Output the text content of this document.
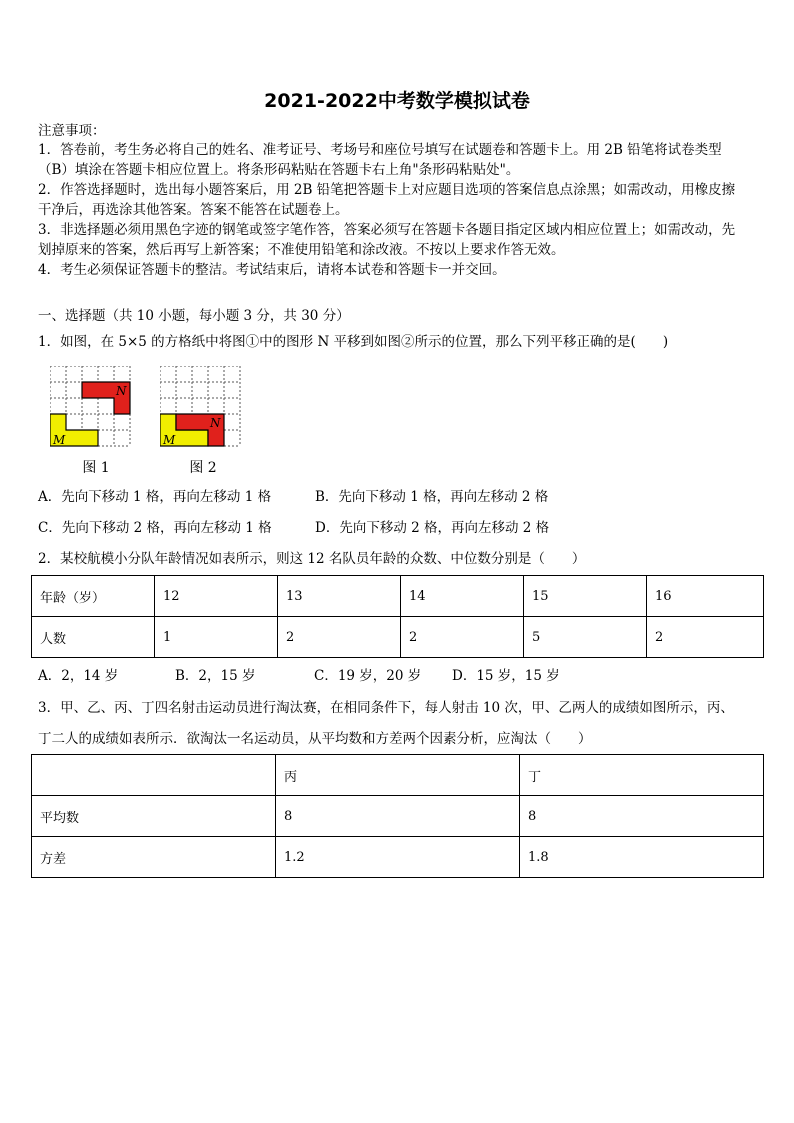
2021-2022中考数学模拟试卷
注意事项：

1．答卷前，考生务必将自己的姓名、准考证号、考场号和座位号填写在试题卷和答题卡上。用 2B 铅笔将试卷类型

（B）填涂在答题卡相应位置上。将条形码粘贴在答题卡右上角"条形码粘贴处"。

2．作答选择题时，选出每小题答案后，用 2B 铅笔把答题卡上对应题目选项的答案信息点涂黑；如需改动，用橡皮擦

干净后，再选涂其他答案。答案不能答在试题卷上。

3．非选择题必须用黑色字迹的钢笔或签字笔作答，答案必须写在答题卡各题目指定区域内相应位置上；如需改动，先

划掉原来的答案，然后再写上新答案；不准使用铅笔和涂改液。不按以上要求作答无效。

4．考生必须保证答题卡的整洁。考试结束后，请将本试卷和答题卡一并交回。

一、选择题（共 10 小题，每小题 3 分，共 30 分）
1．如图，在 5×5 的方格纸中将图①中的图形 N 平移到如图②所示的位置，那么下列平移正确的是(　　)
N
M
图 1
N
M
图 2
A．先向下移动 1 格，再向左移动 1 格	B．先向下移动 1 格，再向左移动 2 格
C．先向下移动 2 格，再向左移动 1 格	D．先向下移动 2 格，再向左移动 2 格
2．某校航模小分队年龄情况如表所示，则这 12 名队员年龄的众数、中位数分别是（　　）
年龄（岁）	12	13	14	15	16
人数	1	2	2	5	2
A．2，14 岁	B．2，15 岁	C．19 岁，20 岁 D．15 岁，15 岁
3．甲、乙、丙、丁四名射击运动员进行淘汰赛，在相同条件下，每人射击 10 次，甲、乙两人的成绩如图所示，丙、
丁二人的成绩如表所示．欲淘汰一名运动员，从平均数和方差两个因素分析，应淘汰（　　）
	丙	丁
平均数	8	8
方差	1.2	1.8
